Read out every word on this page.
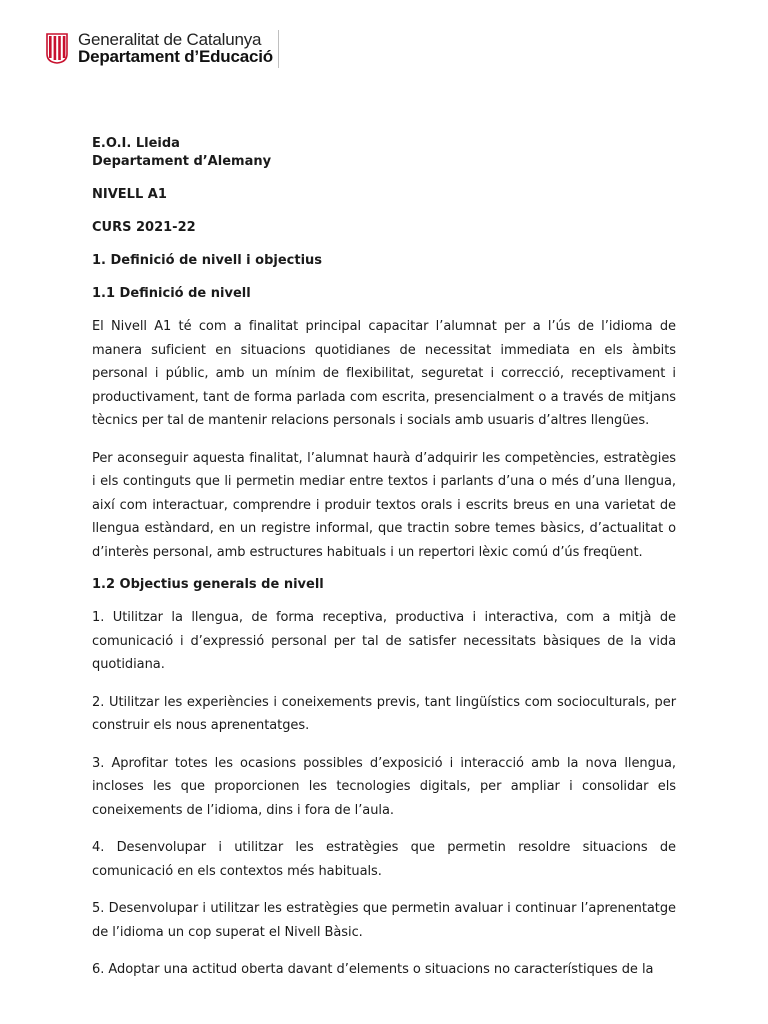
Generalitat de Catalunya
Departament d’Educació

E.O.I. Lleida

Departament d’Alemany

NIVELL A1

CURS 2021-22

1. Definició de nivell i objectius

1.1 Definició de nivell

El Nivell A1 té com a finalitat principal capacitar l’alumnat per a l’ús de l’idioma de manera suficient en situacions quotidianes de necessitat immediata en els àmbits personal i públic, amb un mínim de flexibilitat, seguretat i correcció, receptivament i productivament, tant de forma parlada com escrita, presencialment o a través de mitjans tècnics per tal de mantenir relacions personals i socials amb usuaris d’altres llengües.

Per aconseguir aquesta finalitat, l’alumnat haurà d’adquirir les competències, estratègies i els continguts que li permetin mediar entre textos i parlants d’una o més d’una llengua, així com interactuar, comprendre i produir textos orals i escrits breus en una varietat de llengua estàndard, en un registre informal, que tractin sobre temes bàsics, d’actualitat o d’interès personal, amb estructures habituals i un repertori lèxic comú d’ús freqüent.

1.2 Objectius generals de nivell

1. Utilitzar la llengua, de forma receptiva, productiva i interactiva, com a mitjà de comunicació i d’expressió personal per tal de satisfer necessitats bàsiques de la vida quotidiana.

2. Utilitzar les experiències i coneixements previs, tant lingüístics com socioculturals, per construir els nous aprenentatges.

3. Aprofitar totes les ocasions possibles d’exposició i interacció amb la nova llengua, incloses les que proporcionen les tecnologies digitals, per ampliar i consolidar els coneixements de l’idioma, dins i fora de l’aula.

4. Desenvolupar i utilitzar les estratègies que permetin resoldre situacions de comunicació en els contextos més habituals.

5. Desenvolupar i utilitzar les estratègies que permetin avaluar i continuar l’aprenentatge de l’idioma un cop superat el Nivell Bàsic.

6. Adoptar una actitud oberta davant d’elements o situacions no característiques de la
